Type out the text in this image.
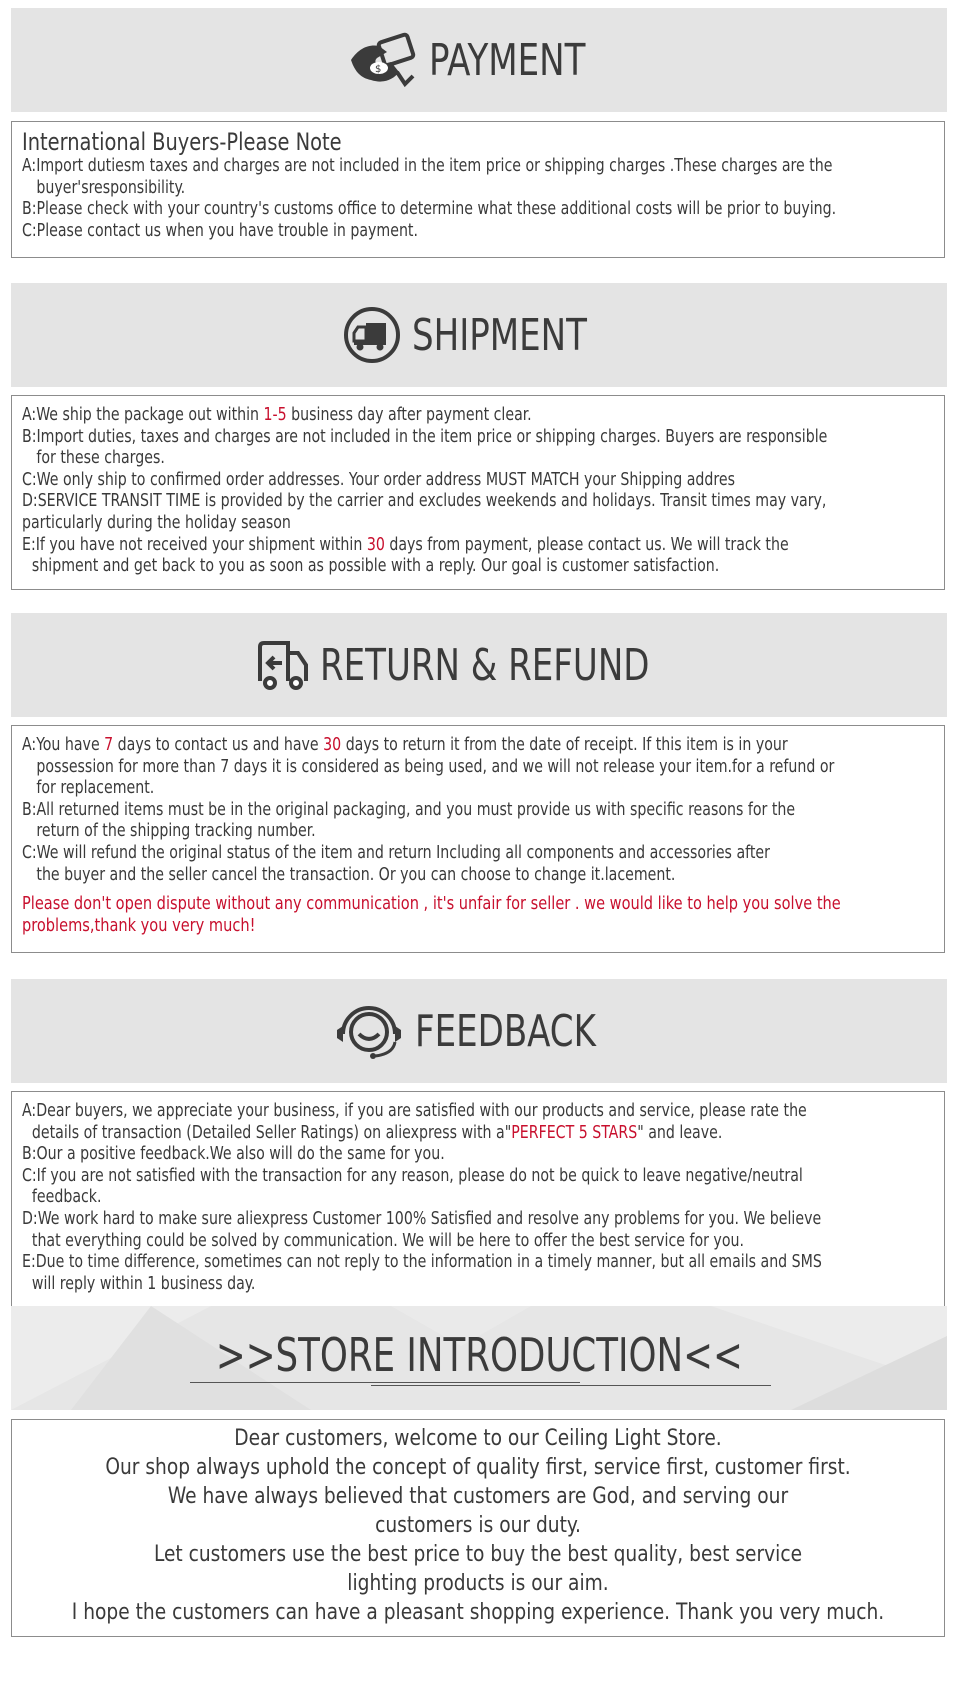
$ PAYMENT
International Buyers-Please Note
A:Import dutiesm taxes and charges are not included in the item price or shipping charges .These charges are the
buyer'sresponsibility.
B:Please check with your country's customs office to determine what these additional costs will be prior to buying.
C:Please contact us when you have trouble in payment.
SHIPMENT
A:We ship the package out within 1-5 business day after payment clear.
B:Import duties, taxes and charges are not included in the item price or shipping charges. Buyers are responsible
for these charges.
C:We only ship to confirmed order addresses. Your order address MUST MATCH your Shipping addres
D:SERVICE TRANSIT TIME is provided by the carrier and excludes weekends and holidays. Transit times may vary,
particularly during the holiday season
E:If you have not received your shipment within 30 days from payment, please contact us. We will track the
shipment and get back to you as soon as possible with a reply. Our goal is customer satisfaction.
RETURN & REFUND
A:You have 7 days to contact us and have 30 days to return it from the date of receipt. If this item is in your
possession for more than 7 days it is considered as being used, and we will not release your item.for a refund or
for replacement.
B:All returned items must be in the original packaging, and you must provide us with specific reasons for the
return of the shipping tracking number.
C:We will refund the original status of the item and return Including all components and accessories after
the buyer and the seller cancel the transaction. Or you can choose to change it.lacement.
Please don't open dispute without any communication , it's unfair for seller . we would like to help you solve the
problems,thank you very much!
FEEDBACK
A:Dear buyers, we appreciate your business, if you are satisfied with our products and service, please rate the
details of transaction (Detailed Seller Ratings) on aliexpress with a"PERFECT 5 STARS" and leave.
B:Our a positive feedback.We also will do the same for you.
C:If you are not satisfied with the transaction for any reason, please do not be quick to leave negative/neutral
feedback.
D:We work hard to make sure aliexpress Customer 100% Satisfied and resolve any problems for you. We believe
that everything could be solved by communication. We will be here to offer the best service for you.
E:Due to time difference, sometimes can not reply to the information in a timely manner, but all emails and SMS
will reply within 1 business day.
>>STORE INTRODUCTION<<
Dear customers, welcome to our Ceiling Light Store.
Our shop always uphold the concept of quality first, service first, customer first.
We have always believed that customers are God, and serving our
customers is our duty.
Let customers use the best price to buy the best quality, best service
lighting products is our aim.
I hope the customers can have a pleasant shopping experience. Thank you very much.
